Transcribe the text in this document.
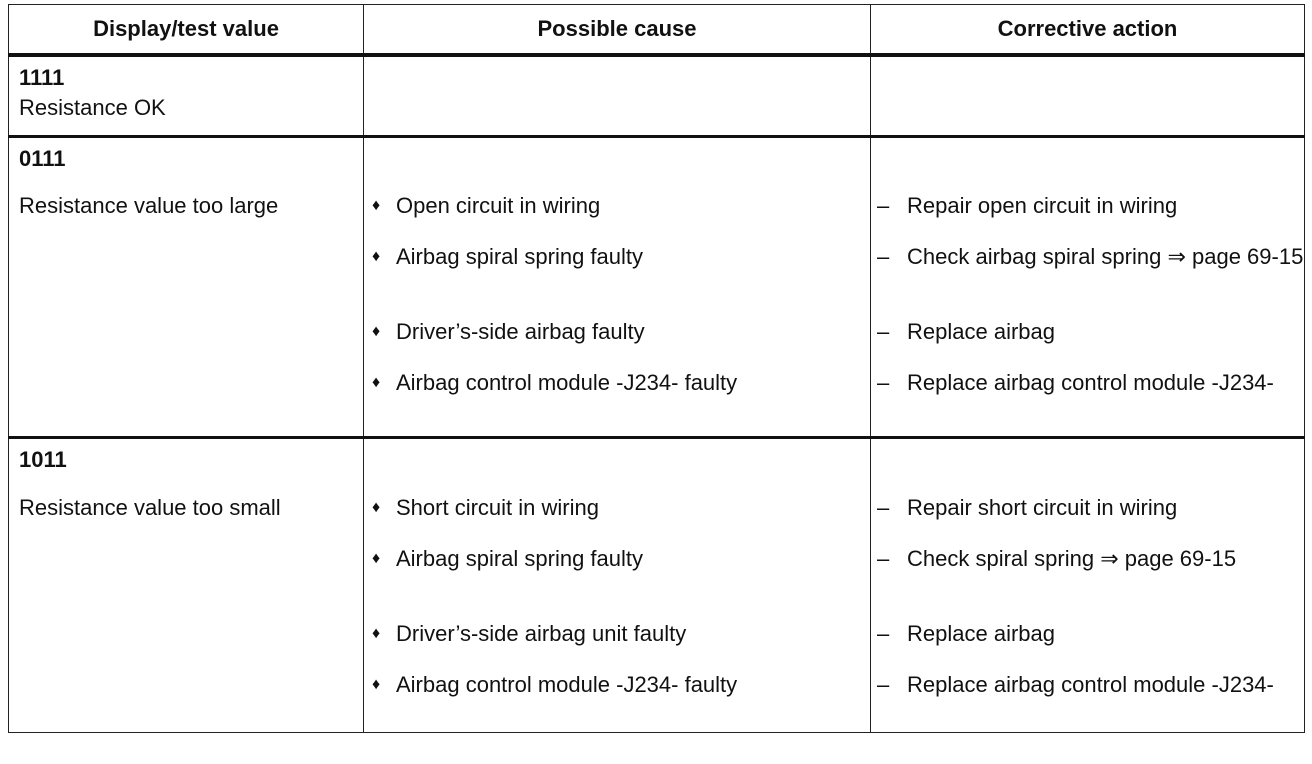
Display/test value	Possible cause	Corrective action

1111		

Resistance OK		

0111		

Resistance value too large	♦ Open circuit in wiring	– Repair open circuit in wiring

	♦ Airbag spiral spring faulty	– Check airbag spiral spring ⇒ page 69-15

	♦ Driver’s-side airbag faulty	– Replace airbag

	♦ Airbag control module -J234- faulty	– Replace airbag control module -J234-

1011		

Resistance value too small	♦ Short circuit in wiring	– Repair short circuit in wiring

	♦ Airbag spiral spring faulty	– Check spiral spring ⇒ page 69-15

	♦ Driver’s-side airbag unit faulty	– Replace airbag

	♦ Airbag control module -J234- faulty	– Replace airbag control module -J234-
